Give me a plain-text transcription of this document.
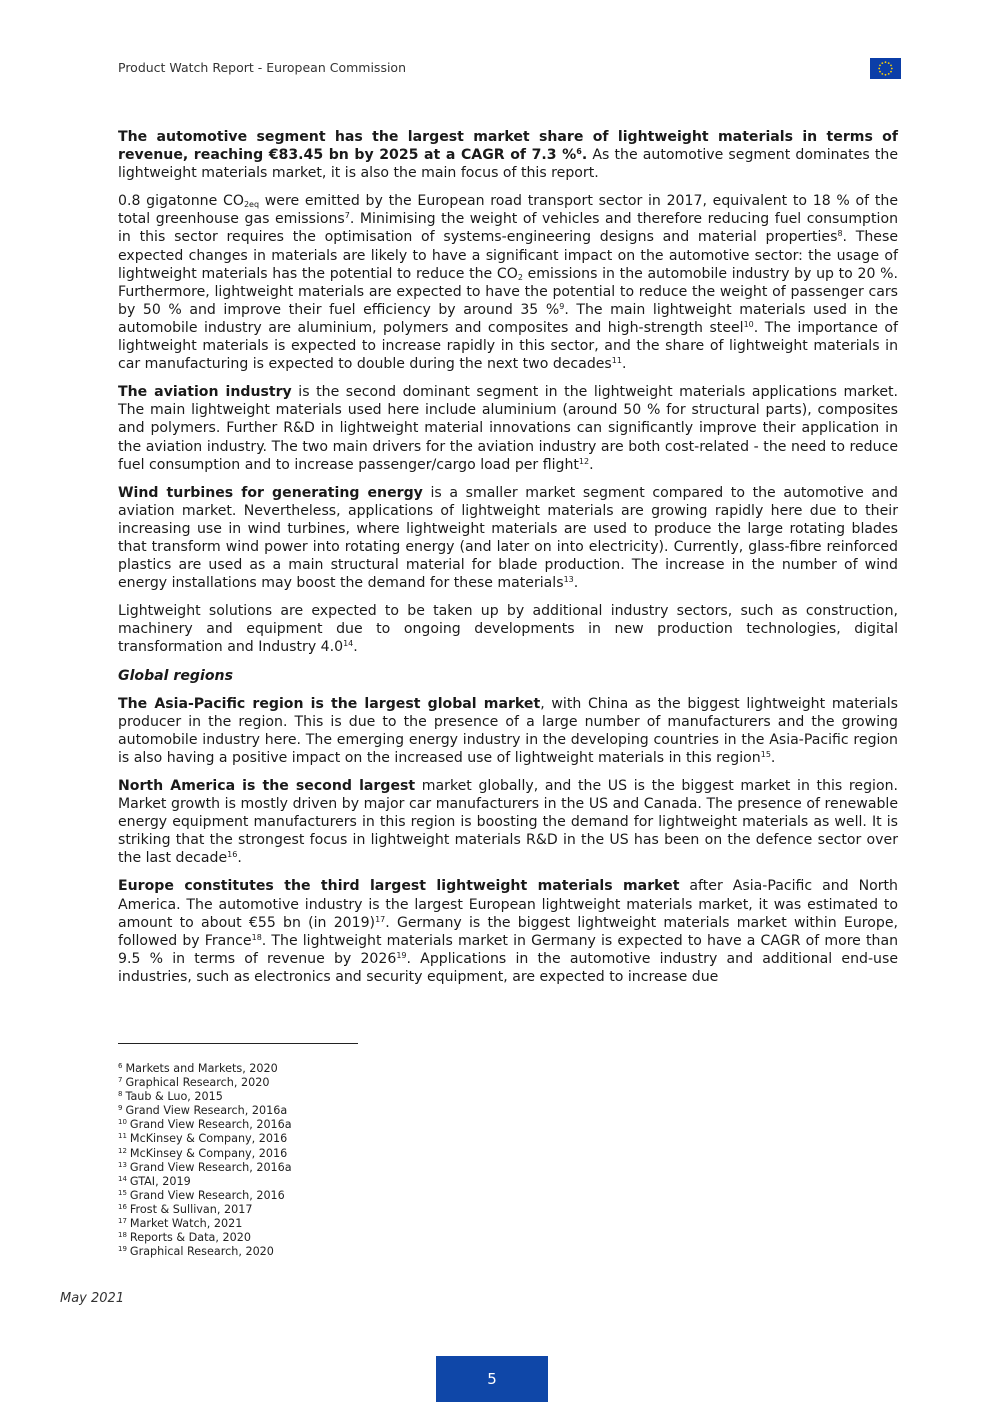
Product Watch Report - European Commission

The automotive segment has the largest market share of lightweight materials in terms of revenue, reaching €83.45 bn by 2025 at a CAGR of 7.3 %$^6$. As the automotive segment dominates the lightweight materials market, it is also the main focus of this report.

0.8 gigatonne $CO_{2eq}$ were emitted by the European road transport sector in 2017, equivalent to 18 % of the total greenhouse gas emissions$^7$. Minimising the weight of vehicles and therefore reducing fuel consumption in this sector requires the optimisation of systems-engineering designs and material properties$^8$. These expected changes in materials are likely to have a significant impact on the automotive sector: the usage of lightweight materials has the potential to reduce the $CO_2$ emissions in the automobile industry by up to 20 %. Furthermore, lightweight materials are expected to have the potential to reduce the weight of passenger cars by 50 % and improve their fuel efficiency by around 35 %$^9$. The main lightweight materials used in the automobile industry are aluminium, polymers and composites and high-strength steel$^{10}$. The importance of lightweight materials is expected to increase rapidly in this sector, and the share of lightweight materials in car manufacturing is expected to double during the next two decades$^{11}$.

The aviation industry is the second dominant segment in the lightweight materials applications market. The main lightweight materials used here include aluminium (around 50 % for structural parts), composites and polymers. Further R&D in lightweight material innovations can significantly improve their application in the aviation industry. The two main drivers for the aviation industry are both cost-related - the need to reduce fuel consumption and to increase passenger/cargo load per flight$^{12}$.

Wind turbines for generating energy is a smaller market segment compared to the automotive and aviation market. Nevertheless, applications of lightweight materials are growing rapidly here due to their increasing use in wind turbines, where lightweight materials are used to produce the large rotating blades that transform wind power into rotating energy (and later on into electricity). Currently, glass-fibre reinforced plastics are used as a main structural material for blade production. The increase in the number of wind energy installations may boost the demand for these materials$^{13}$.

Lightweight solutions are expected to be taken up by additional industry sectors, such as construction, machinery and equipment due to ongoing developments in new production technologies, digital transformation and Industry $4.0^{14}$.

Global regions

The Asia-Pacific region is the largest global market, with China as the biggest lightweight materials producer in the region. This is due to the presence of a large number of manufacturers and the growing automobile industry here. The emerging energy industry in the developing countries in the Asia-Pacific region is also having a positive impact on the increased use of lightweight materials in this region$^{15}$.

North America is the second largest market globally, and the US is the biggest market in this region. Market growth is mostly driven by major car manufacturers in the US and Canada. The presence of renewable energy equipment manufacturers in this region is boosting the demand for lightweight materials as well. It is striking that the strongest focus in lightweight materials R&D in the US has been on the defence sector over the last decade$^{16}$.

Europe constitutes the third largest lightweight materials market after Asia-Pacific and North America. The automotive industry is the largest European lightweight materials market, it was estimated to amount to about €55 bn (in 2019)$^{17}$. Germany is the biggest lightweight materials market within Europe, followed by France$^{18}$. The lightweight materials market in Germany is expected to have a CAGR of more than 9.5 % in terms of revenue by 2026$^{19}$. Applications in the automotive industry and additional end-use industries, such as electronics and security equipment, are expected to increase due

$^6$ Markets and Markets, 2020
$^7$ Graphical Research, 2020
$^8$ Taub & Luo, 2015
$^9$ Grand View Research, 2016a
$^{10}$ Grand View Research, 2016a
$^{11}$ McKinsey & Company, 2016
$^{12}$ McKinsey & Company, 2016
$^{13}$ Grand View Research, 2016a
$^{14}$ GTAI, 2019
$^{15}$ Grand View Research, 2016
$^{16}$ Frost & Sullivan, 2017
$^{17}$ Market Watch, 2021
$^{18}$ Reports & Data, 2020
$^{19}$ Graphical Research, 2020
May 2021
5
